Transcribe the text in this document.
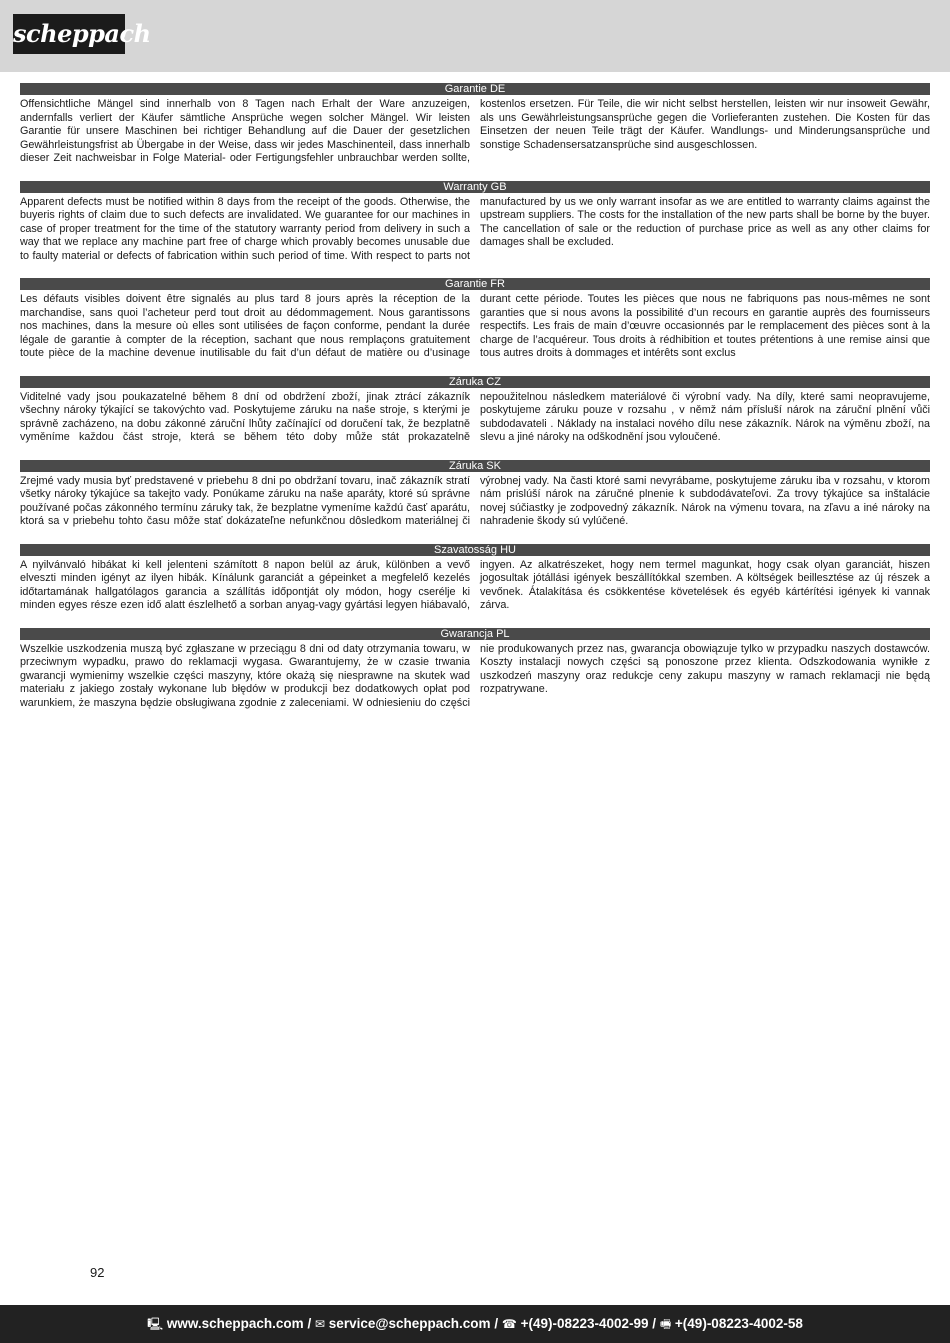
scheppach
Garantie DE
Offensichtliche Mängel sind innerhalb von 8 Tagen nach Erhalt der Ware anzuzeigen, andernfalls verliert der Käufer sämtliche Ansprüche wegen solcher Mängel. Wir leisten Garantie für unsere Maschinen bei richtiger Behandlung auf die Dauer der gesetzlichen Gewährleistungsfrist ab Übergabe in der Weise, dass wir jedes Maschinenteil, dass innerhalb dieser Zeit nachweisbar in Folge Material- oder Fertigungsfehler unbrauchbar werden sollte, kostenlos ersetzen. Für Teile, die wir nicht selbst herstellen, leisten wir nur insoweit Gewähr, als uns Gewährleistungsansprüche gegen die Vorlieferanten zustehen. Die Kosten für das Einsetzen der neuen Teile trägt der Käufer. Wandlungs- und Minderungsansprüche und sonstige Schadensersatzansprüche sind ausgeschlossen.
Warranty GB
Apparent defects must be notified within 8 days from the receipt of the goods. Otherwise, the buyeris rights of claim due to such defects are invalidated. We guarantee for our machines in case of proper treatment for the time of the statutory warranty period from delivery in such a way that we replace any machine part free of charge which provably becomes unusable due to faulty material or defects of fabrication within such period of time. With respect to parts not manufactured by us we only warrant insofar as we are entitled to warranty claims against the upstream suppliers. The costs for the installation of the new parts shall be borne by the buyer. The cancellation of sale or the reduction of purchase price as well as any other claims for damages shall be excluded.
Garantie FR
Les défauts visibles doivent être signalés au plus tard 8 jours après la réception de la marchandise, sans quoi l’acheteur perd tout droit au dédommagement. Nous garantissons nos machines, dans la mesure où elles sont utilisées de façon conforme, pendant la durée légale de garantie à compter de la réception, sachant que nous remplaçons gratuitement toute pièce de la machine devenue inutilisable du fait d’un défaut de matière ou d’usinage durant cette période. Toutes les pièces que nous ne fabriquons pas nous-mêmes ne sont garanties que si nous avons la possibilité d’un recours en garantie auprès des fournisseurs respectifs. Les frais de main d’œuvre occasionnés par le remplacement des pièces sont à la charge de l’acquéreur. Tous droits à rédhibition et toutes prétentions à une remise ainsi que tous autres droits à dommages et intérêts sont exclus
Záruka CZ
Viditelné vady jsou poukazatelné během 8 dní od obdržení zboží, jinak ztrácí zákazník všechny nároky týkající se takovýchto vad. Poskytujeme záruku na naše stroje, s kterými je správně zacházeno, na dobu zákonné záruční lhůty začínající od doručení tak, že bezplatně vyměníme každou část stroje, která se během této doby může stát prokazatelně nepoužitelnou následkem materiálové či výrobní vady. Na díly, které sami neopravujeme, poskytujeme záruku pouze v rozsahu , v němž nám přísluší nárok na záruční plnění vůči subdodavateli . Náklady na instalaci nového dílu nese zákazník. Nárok na výměnu zboží, na slevu a jiné nároky na odškodnění jsou vyloučené.
Záruka SK
Zrejmé vady musia byť predstavené v priebehu 8 dni po obdržaní tovaru, inač zákazník stratí všetky nároky týkajúce sa takejto vady. Ponúkame záruku na naše aparáty, ktoré sú správne používané počas zákonného termínu záruky tak, že bezplatne vymeníme každú časť aparátu, ktorá sa v priebehu tohto času môže stať dokázateľne nefunkčnou dôsledkom materiálnej či výrobnej vady. Na časti ktoré sami nevyrábame, poskytujeme záruku iba v rozsahu, v ktorom nám prislúší nárok na záručné plnenie k subdodávateľovi. Za trovy týkajúce sa inštalácie novej súčiastky je zodpovedný zákazník. Nárok na výmenu tovara, na zľavu a iné nároky na nahradenie škody sú vylúčené.
Szavatosság HU
A nyilvánvaló hibákat ki kell jelenteni számított 8 napon belül az áruk, különben a vevő elveszti minden igényt az ilyen hibák. Kínálunk garanciát a gépeinket a megfelelő kezelés időtartamának hallgatólagos garancia a szállítás időpontját oly módon, hogy cserélje ki minden egyes része ezen idő alatt észlelhető a sorban anyag-vagy gyártási legyen hiábavaló, ingyen. Az alkatrészeket, hogy nem termel magunkat, hogy csak olyan garanciát, hiszen jogosultak jótállási igények beszállítókkal szemben. A költségek beillesztése az új részek a vevőnek. Átalakítása és csökkentése követelések és egyéb kártérítési igények ki vannak zárva.
Gwarancja PL
Wszelkie uszkodzenia muszą być zgłaszane w przeciągu 8 dni od daty otrzymania towaru, w przeciwnym wypadku, prawo do reklamacji wygasa. Gwarantujemy, że w czasie trwania gwarancji wymienimy wszelkie części maszyny, które okażą się niesprawne na skutek wad materiału z jakiego zostały wykonane lub błędów w produkcji bez dodatkowych opłat pod warunkiem, że maszyna będzie obsługiwana zgodnie z zaleceniami. W odniesieniu do części nie produkowanych przez nas, gwarancja obowiązuje tylko w przypadku naszych dostawców. Koszty instalacji nowych części są ponoszone przez klienta. Odszkodowania wynikłe z uszkodzeń maszyny oraz redukcje ceny zakupu maszyny w ramach reklamacji nie będą rozpatrywane.
92
🖳 www.scheppach.com / ✉ service@scheppach.com / ☎ +(49)-08223-4002-99 / 🖷 +(49)-08223-4002-58
